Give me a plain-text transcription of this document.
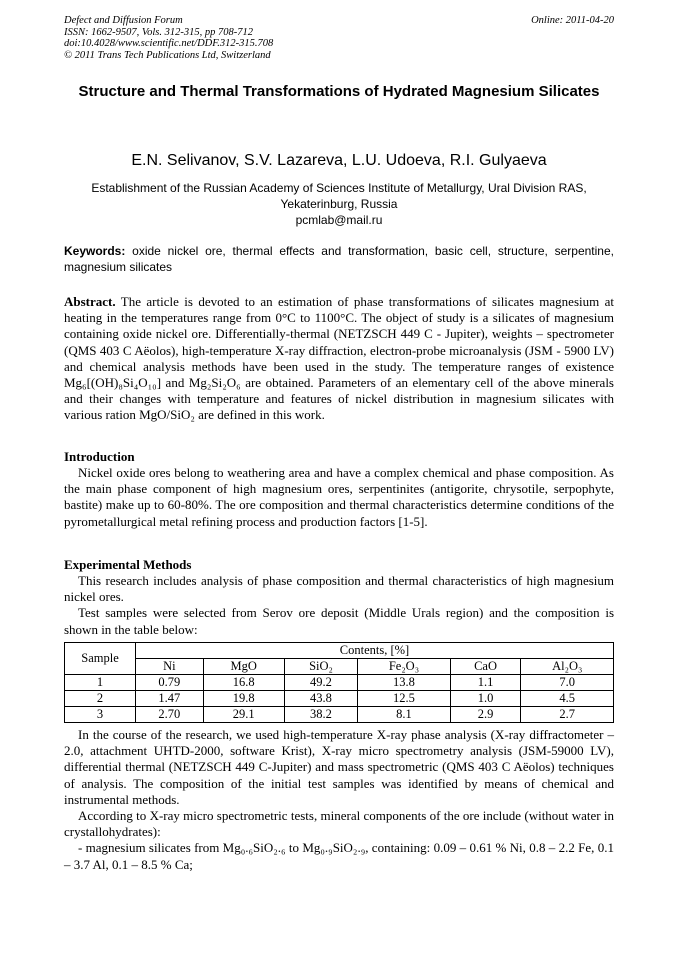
Defect and Diffusion Forum
ISSN: 1662-9507, Vols. 312-315, pp 708-712
doi:10.4028/www.scientific.net/DDF.312-315.708
© 2011 Trans Tech Publications Ltd, Switzerland
Online: 2011-04-20
Structure and Thermal Transformations of Hydrated Magnesium Silicates
E.N. Selivanov, S.V. Lazareva, L.U. Udoeva, R.I. Gulyaeva
Establishment of the Russian Academy of Sciences Institute of Metallurgy, Ural Division RAS, Yekaterinburg, Russia
pcmlab@mail.ru
Keywords: oxide nickel ore, thermal effects and transformation, basic cell, structure, serpentine, magnesium silicates

Abstract. The article is devoted to an estimation of phase transformations of silicates magnesium at heating in the temperatures range from 0°C to 1100°C. The object of study is a silicates of magnesium containing oxide nickel ore. Differentially-thermal (NETZSCH 449 C - Jupiter), weights – spectrometer (QMS 403 C Aëolos), high-temperature X-ray diffraction, electron-probe microanalysis (JSM - 5900 LV) and chemical analysis methods have been used in the study. The temperature ranges of existence Mg₆[(OH)₈Si₄O₁₀] and Mg₂Si₂O₆ are obtained. Parameters of an elementary cell of the above minerals and their changes with temperature and features of nickel distribution in magnesium silicates with various ration MgO/SiO₂ are defined in this work.

Introduction

Nickel oxide ores belong to weathering area and have a complex chemical and phase composition. As the main phase component of high magnesium ores, serpentinites (antigorite, chrysotile, serpophyte, bastite) make up to 60-80%. The ore composition and thermal characteristics determine conditions of the pyrometallurgical metal refining process and production factors [1-5].

Experimental Methods

This research includes analysis of phase composition and thermal characteristics of high magnesium nickel ores.

Test samples were selected from Serov ore deposit (Middle Urals region) and the composition is shown in the table below:

Sample	Contents, [%]					
	Ni	MgO	SiO₂	Fe₂O₃	CaO	Al₂O₃
1	0.79	16.8	49.2	13.8	1.1	7.0
2	1.47	19.8	43.8	12.5	1.0	4.5
3	2.70	29.1	38.2	8.1	2.9	2.7

In the course of the research, we used high-temperature X-ray phase analysis (X-ray diffractometer – 2.0, attachment UHTD-2000, software Krist), X-ray micro spectrometry analysis (JSM-59000 LV), differential thermal (NETZSCH 449 C-Jupiter) and mass spectrometric (QMS 403 C Aëolos) techniques of analysis. The composition of the initial test samples was identified by means of chemical and instrumental methods.

According to X-ray micro spectrometric tests, mineral components of the ore include (without water in crystallohydrates):

- magnesium silicates from Mg₀.₆SiO₂.₆ to Mg₀.₉SiO₂.₉, containing: 0.09 – 0.61 % Ni, 0.8 – 2.2 Fe, 0.1 – 3.7 Al, 0.1 – 8.5 % Ca;
